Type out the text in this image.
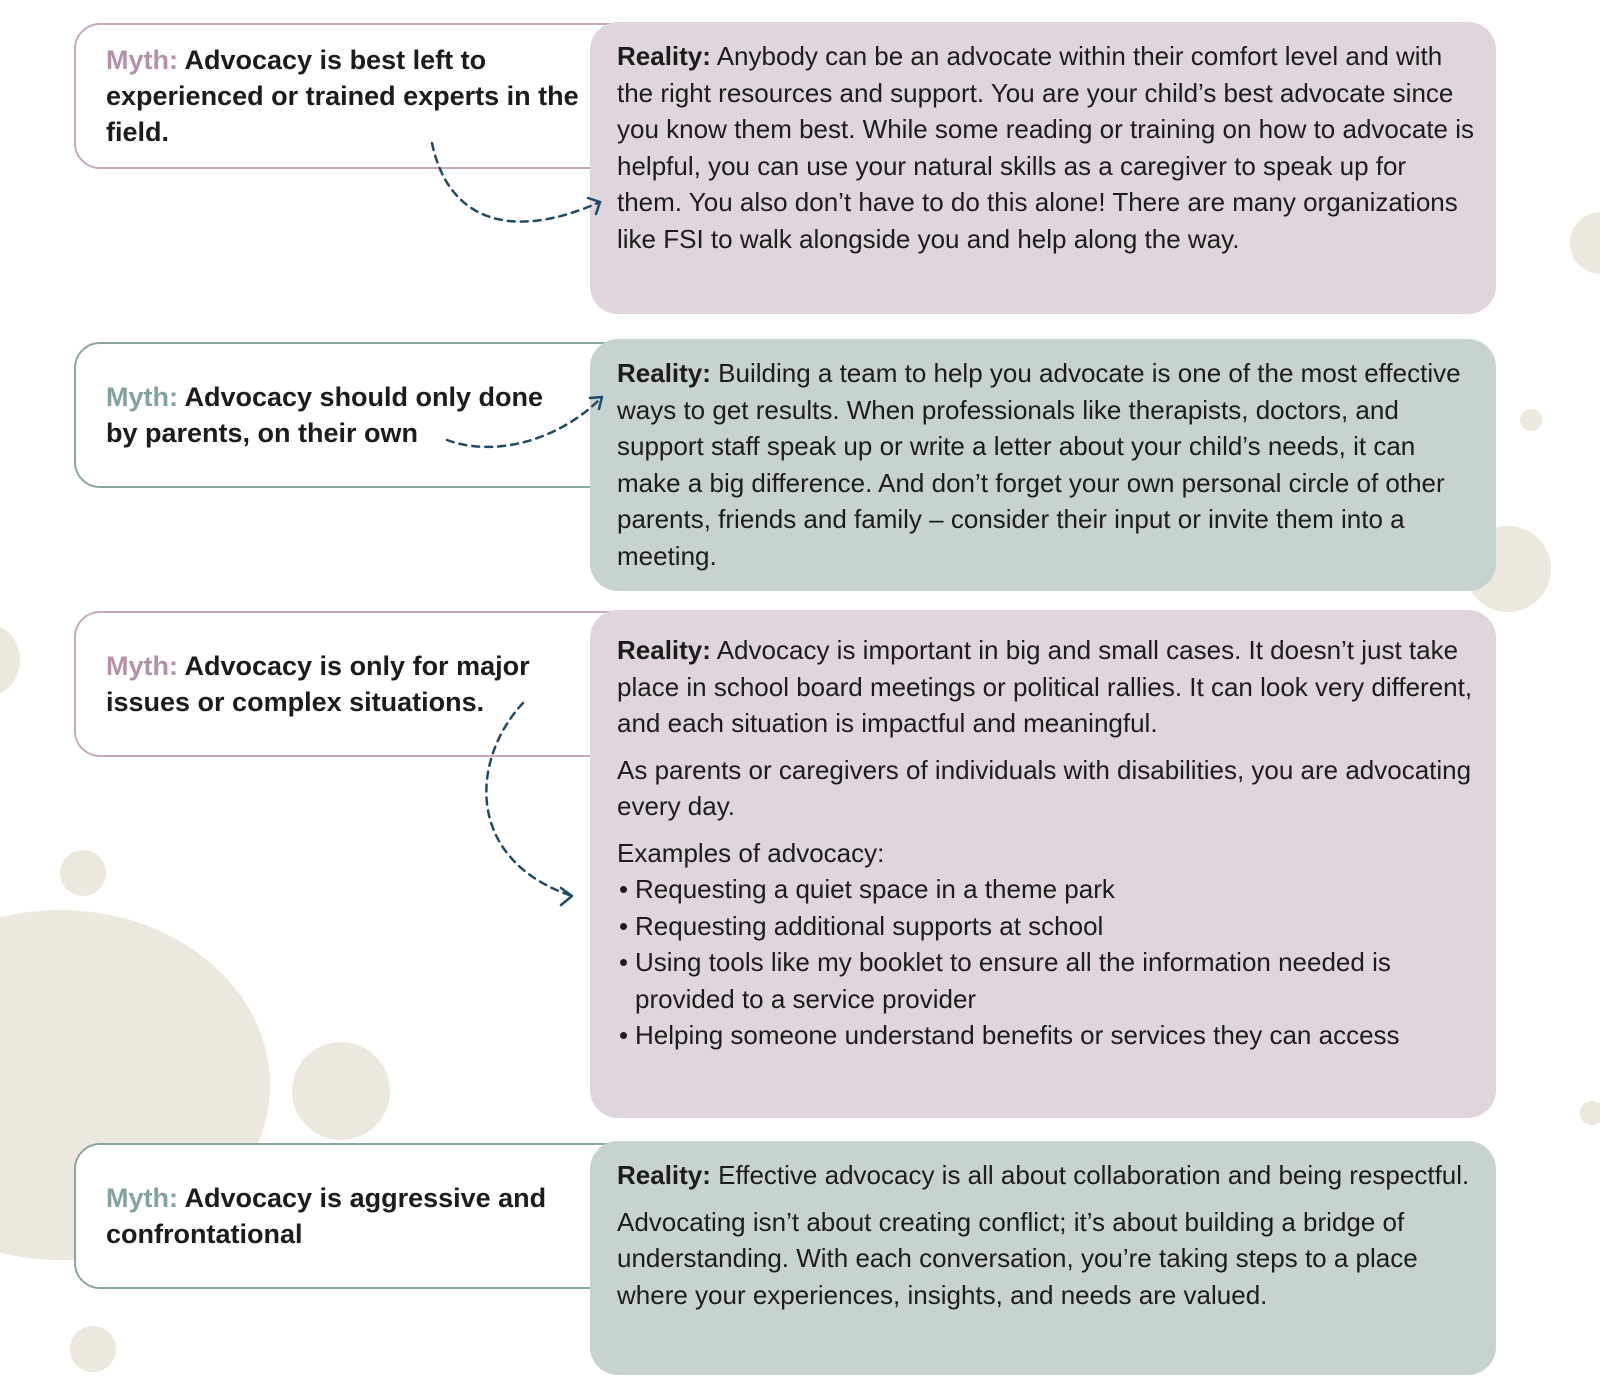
Myth: Advocacy is best left to experienced or trained experts in the field.

Reality: Anybody can be an advocate within their comfort level and with the right resources and support. You are your child’s best advocate since you know them best. While some reading or training on how to advocate is helpful, you can use your natural skills as a caregiver to speak up for them. You also don’t have to do this alone! There are many organizations like FSI to walk alongside you and help along the way.

Myth: Advocacy should only done by parents, on their own

Reality: Building a team to help you advocate is one of the most effective ways to get results. When professionals like therapists, doctors, and support staff speak up or write a letter about your child’s needs, it can make a big difference. And don’t forget your own personal circle of other parents, friends and family – consider their input or invite them into a meeting.

Myth: Advocacy is only for major issues or complex situations.

Reality: Advocacy is important in big and small cases. It doesn’t just take place in school board meetings or political rallies. It can look very different, and each situation is impactful and meaningful.

As parents or caregivers of individuals with disabilities, you are advocating every day.

Examples of advocacy:
• Requesting a quiet space in a theme park
• Requesting additional supports at school
• Using tools like my booklet to ensure all the information needed is provided to a service provider
• Helping someone understand benefits or services they can access
Myth: Advocacy is aggressive and confrontational

Reality: Effective advocacy is all about collaboration and being respectful.

Advocating isn’t about creating conflict; it’s about building a bridge of understanding. With each conversation, you’re taking steps to a place where your experiences, insights, and needs are valued.
